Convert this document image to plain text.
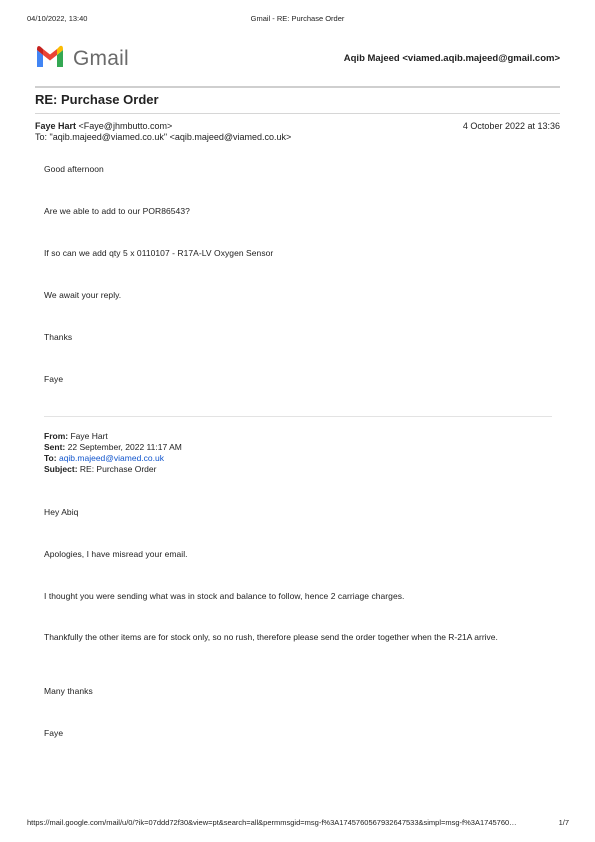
04/10/2022, 13:40	Gmail - RE: Purchase Order
Gmail	Aqib Majeed <viamed.aqib.majeed@gmail.com>
RE: Purchase Order
Faye Hart <Faye@jhmbutto.com>	4 October 2022 at 13:36
To: "aqib.majeed@viamed.co.uk" <aqib.majeed@viamed.co.uk>
Good afternoon
Are we able to add to our POR86543?
If so can we add qty 5 x 0110107 - R17A-LV Oxygen Sensor
We await your reply.
Thanks
Faye
From: Faye Hart
Sent: 22 September, 2022 11:17 AM
To: aqib.majeed@viamed.co.uk
Subject: RE: Purchase Order
Hey Abiq
Apologies, I have misread your email.
I thought you were sending what was in stock and balance to follow, hence 2 carriage charges.
Thankfully the other items are for stock only, so no rush, therefore please send the order together when the R-21A arrive.
Many thanks
Faye
https://mail.google.com/mail/u/0/?ik=07ddd72f30&view=pt&search=all&permmsgid=msg-f%3A1745760567932647533&simpl=msg-f%3A1745760…	1/7
